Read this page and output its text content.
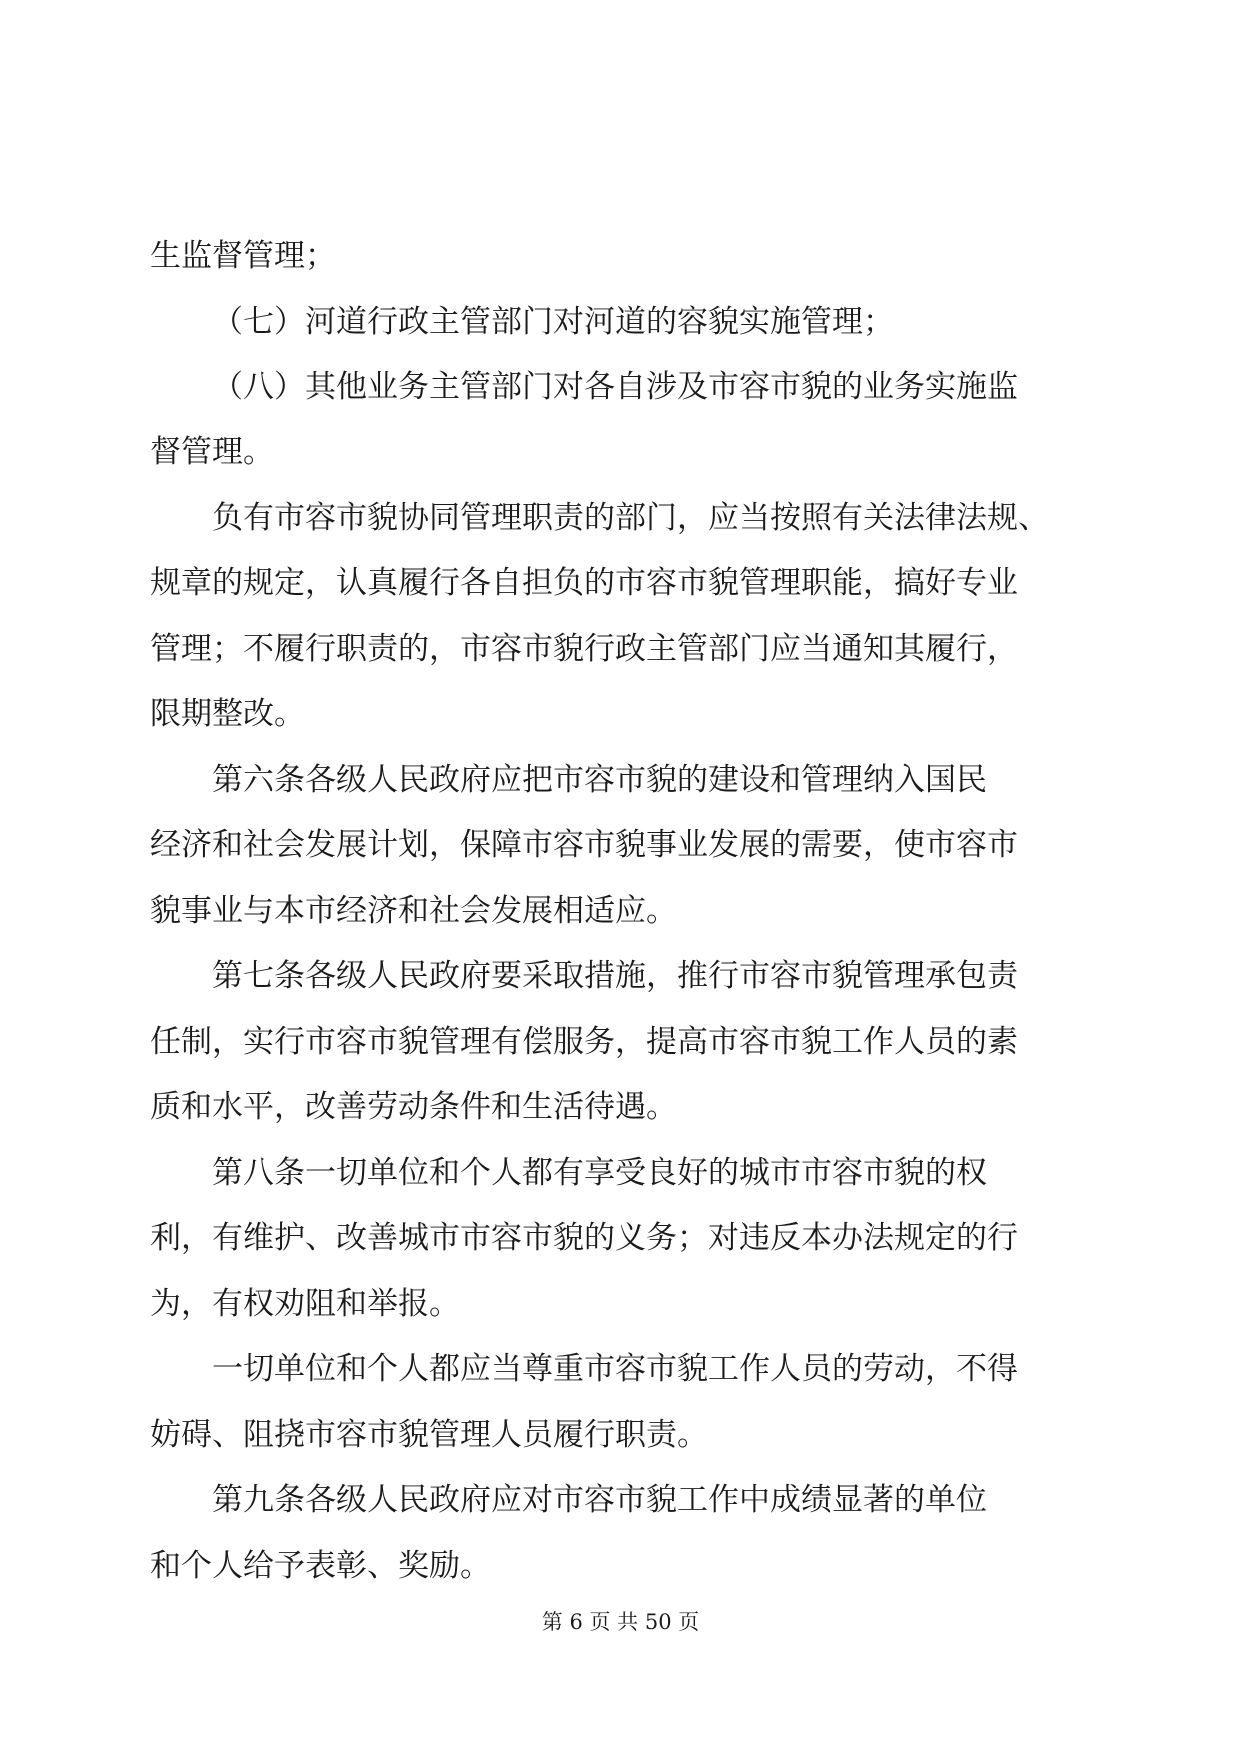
生监督管理；
（七）河道行政主管部门对河道的容貌实施管理；
（八）其他业务主管部门对各自涉及市容市貌的业务实施监
督管理。
负有市容市貌协同管理职责的部门，应当按照有关法律法规、
规章的规定，认真履行各自担负的市容市貌管理职能，搞好专业
管理；不履行职责的，市容市貌行政主管部门应当通知其履行，
限期整改。
第六条各级人民政府应把市容市貌的建设和管理纳入国民
经济和社会发展计划，保障市容市貌事业发展的需要，使市容市
貌事业与本市经济和社会发展相适应。
第七条各级人民政府要采取措施，推行市容市貌管理承包责
任制，实行市容市貌管理有偿服务，提高市容市貌工作人员的素
质和水平，改善劳动条件和生活待遇。
第八条一切单位和个人都有享受良好的城市市容市貌的权
利，有维护、改善城市市容市貌的义务；对违反本办法规定的行
为，有权劝阻和举报。
一切单位和个人都应当尊重市容市貌工作人员的劳动，不得
妨碍、阻挠市容市貌管理人员履行职责。
第九条各级人民政府应对市容市貌工作中成绩显著的单位
和个人给予表彰、奖励。
第 6 页 共 50 页
